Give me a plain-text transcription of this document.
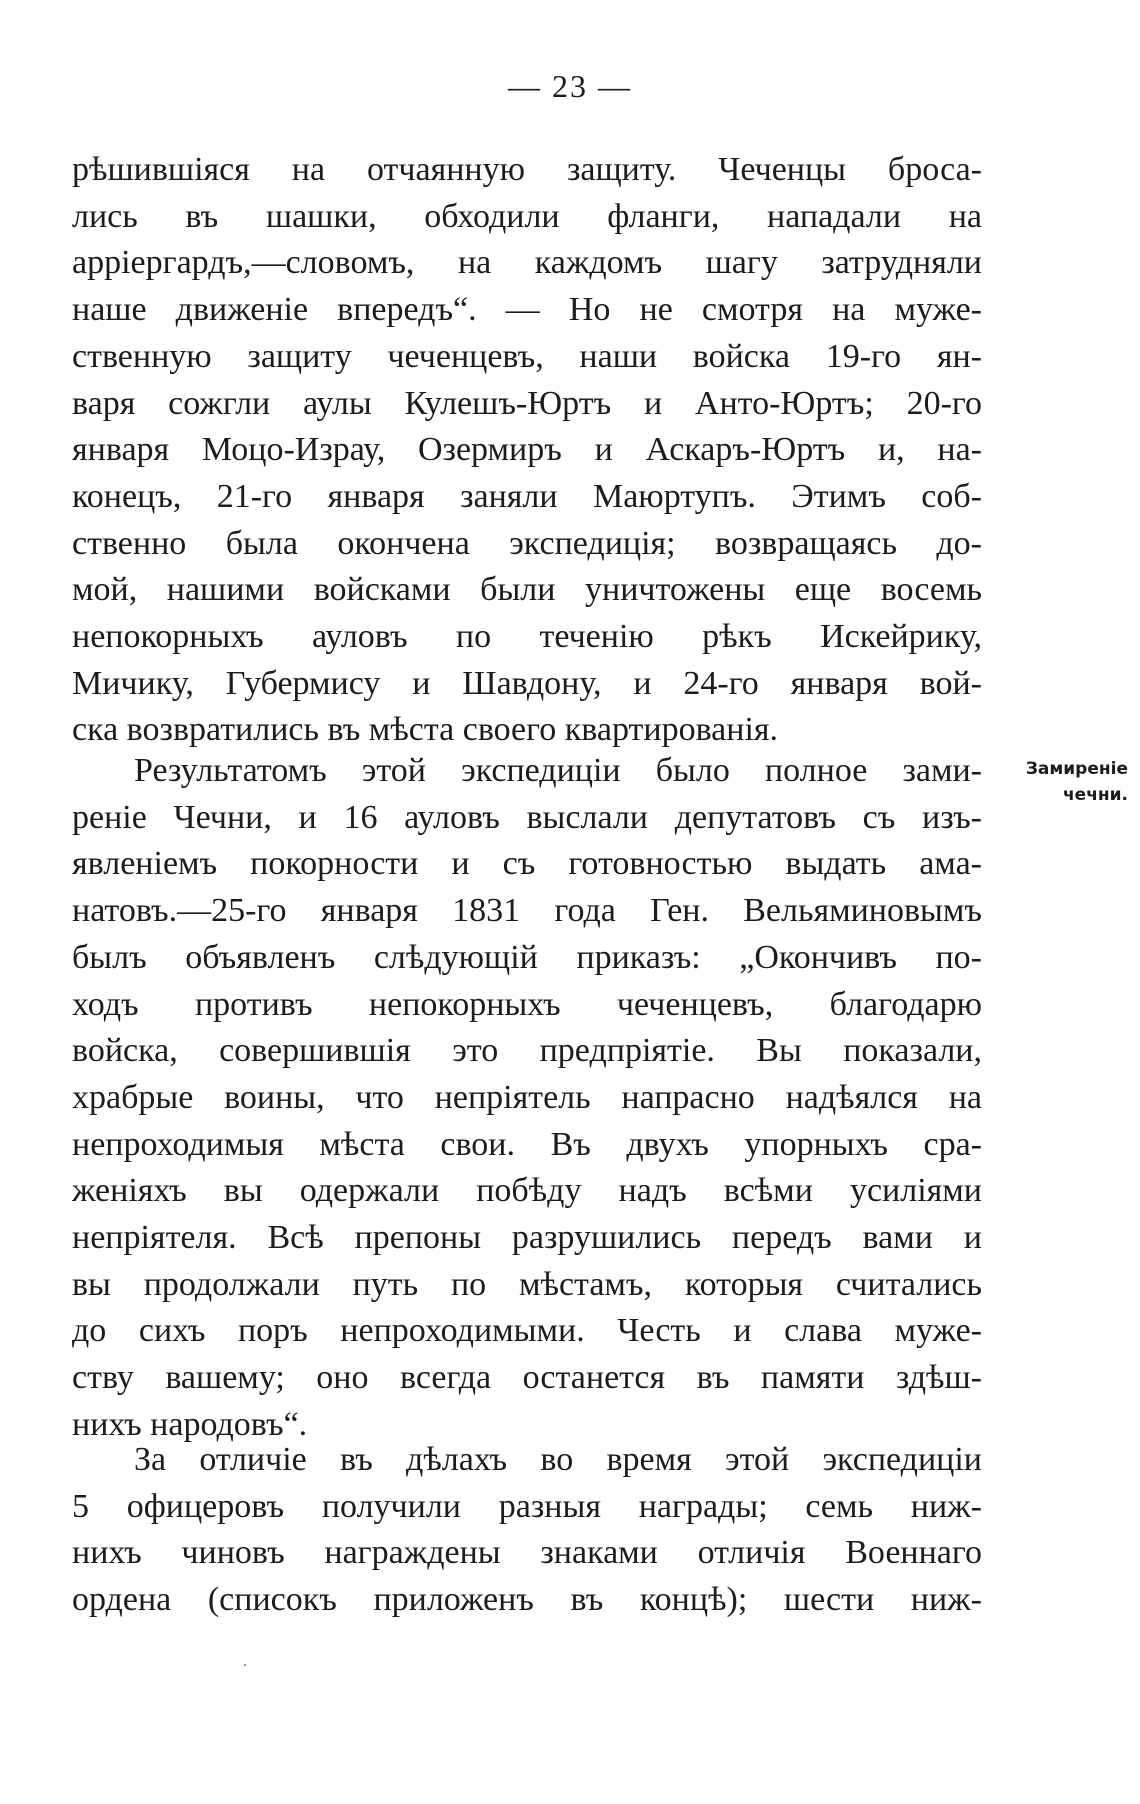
— 23 —
рѣшившіяся на отчаянную защиту. Чеченцы броса-
лись въ шашки, обходили фланги, нападали на
арріергардъ,—словомъ, на каждомъ шагу затрудняли
наше движеніе впередъ“. — Но не смотря на муже-
ственную защиту чеченцевъ, наши войска 19-го ян-
варя сожгли аулы Кулешъ-Юртъ и Анто-Юртъ; 20-го
января Моцо-Израу, Озермиръ и Аскаръ-Юртъ и, на-
конецъ, 21-го января заняли Маюртупъ. Этимъ соб-
ственно была окончена экспедиція; возвращаясь до-
мой, нашими войсками были уничтожены еще восемь
непокорныхъ ауловъ по теченію рѣкъ Искейрику,
Мичику, Губермису и Шавдону, и 24-го января вой-
ска возвратились въ мѣста своего квартированія.
Результатомъ этой экспедиціи было полное зами-
реніе Чечни, и 16 ауловъ выслали депутатовъ съ изъ-
явленіемъ покорности и съ готовностью выдать ама-
натовъ.—25-го января 1831 года Ген. Вельяминовымъ
былъ объявленъ слѣдующій приказъ: „Окончивъ по-
ходъ противъ непокорныхъ чеченцевъ, благодарю
войска, совершившія это предпріятіе. Вы показали,
храбрые воины, что непріятель напрасно надѣялся на
непроходимыя мѣста свои. Въ двухъ упорныхъ сра-
женіяхъ вы одержали побѣду надъ всѣми усиліями
непріятеля. Всѣ препоны разрушились передъ вами и
вы продолжали путь по мѣстамъ, которыя считались
до сихъ поръ непроходимыми. Честь и слава муже-
ству вашему; оно всегда останется въ памяти здѣш-
нихъ народовъ“.
Замиреніе
чечни.
За отличіе въ дѣлахъ во время этой экспедиціи
5 офицеровъ получили разныя награды; семь ниж-
нихъ чиновъ награждены знаками отличія Военнаго
ордена (списокъ приложенъ въ концѣ); шести ниж-
